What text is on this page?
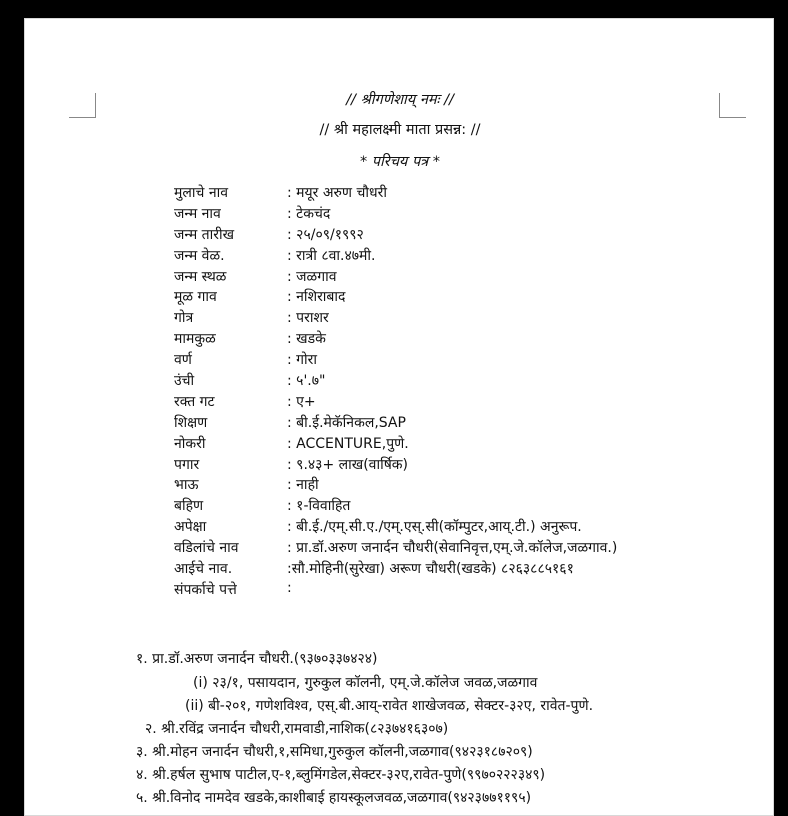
// श्रीगणेशाय् नमः //
// श्री महालक्ष्मी माता प्रसन्न: //
* परिचय पत्र *
मुलाचे नाव	: मयूर अरुण चौधरी
जन्म नाव	: टेकचंद
जन्म तारीख	: २५/०९/१९९२
जन्म वेळ.	: रात्री ८वा.४७मी.
जन्म स्थळ	: जळगाव
मूळ गाव	: नशिराबाद
गोत्र	: पराशर
मामकुळ	: खडके
वर्ण	: गोरा
उंची	: ५'.७"
रक्त गट	: ए+
शिक्षण	: बी.ई.मेकॅनिकल,SAP
नोकरी	: ACCENTURE,पुणे.
पगार	: ९.४३+ लाख(वार्षिक)
भाऊ	: नाही
बहिण	: १-विवाहित
अपेक्षा	: बी.ई./एम्.सी.ए./एम्.एस्.सी(कॉम्पुटर,आय्.टी.) अनुरूप.
वडिलांचे नाव	: प्रा.डॉ.अरुण जनार्दन चौधरी(सेवानिवृत्त,एम्.जे.कॉलेज,जळगाव.)
आईचे नाव.	:सौ.मोहिनी(सुरेखा) अरूण चौधरी(खडके) ८२६३८८५१६१
संपर्काचे पत्ते	:
१. प्रा.डॉ.अरुण जनार्दन चौधरी.(९३७०३३७४२४)
(i) २३/१, पसायदान, गुरुकुल कॉलनी, एम्.जे.कॉलेज जवळ,जळगाव
(ii) बी-२०१, गणेशविश्व, एस्.बी.आय्-रावेत शाखेजवळ, सेक्टर-३२ए, रावेत-पुणे.
२. श्री.रविंद्र जनार्दन चौधरी,रामवाडी,नाशिक(८२३७४१६३०७)
३. श्री.मोहन जनार्दन चौधरी,१,समिधा,गुरुकुल कॉलनी,जळगाव(९४२३१८७२०९)
४. श्री.हर्षल सुभाष पाटील,ए-१,ब्लुमिंगडेल,सेक्टर-३२ए,रावेत-पुणे(९९७०२२२३४९)
५. श्री.विनोद नामदेव खडके,काशीबाई हायस्कूलजवळ,जळगाव(९४२३७७११९५)
